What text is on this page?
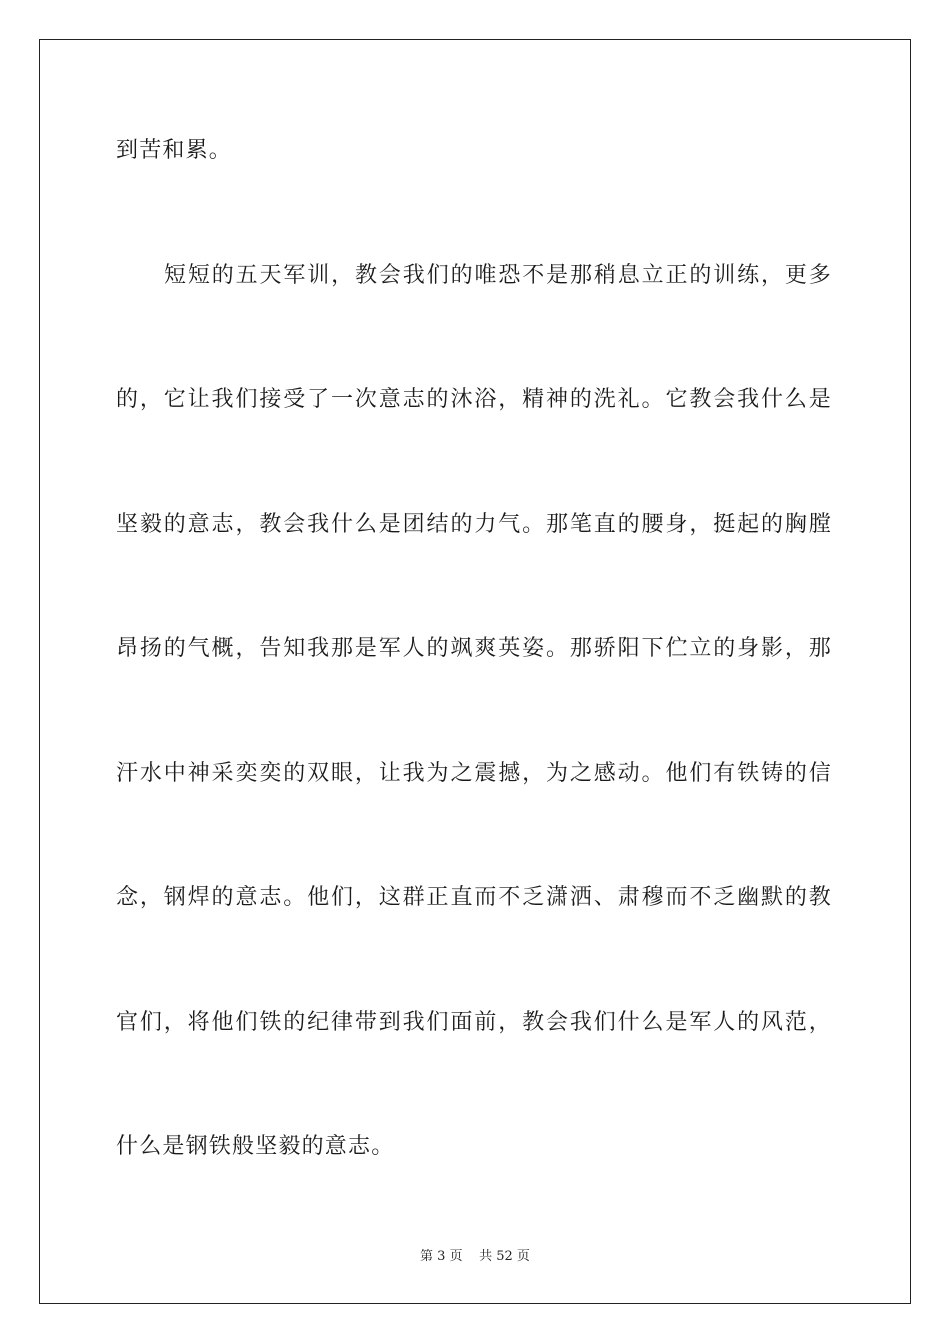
到苦和累。
短短的五天军训，教会我们的唯恐不是那稍息立正的训练，更多
的，它让我们接受了一次意志的沐浴，精神的洗礼。它教会我什么是
坚毅的意志，教会我什么是团结的力气。那笔直的腰身，挺起的胸膛
昂扬的气概，告知我那是军人的飒爽英姿。那骄阳下伫立的身影，那
汗水中神采奕奕的双眼，让我为之震撼，为之感动。他们有铁铸的信
念，钢焊的意志。他们，这群正直而不乏潇洒、肃穆而不乏幽默的教
官们，将他们铁的纪律带到我们面前，教会我们什么是军人的风范，
什么是钢铁般坚毅的意志。
第 3 页 共 52 页
